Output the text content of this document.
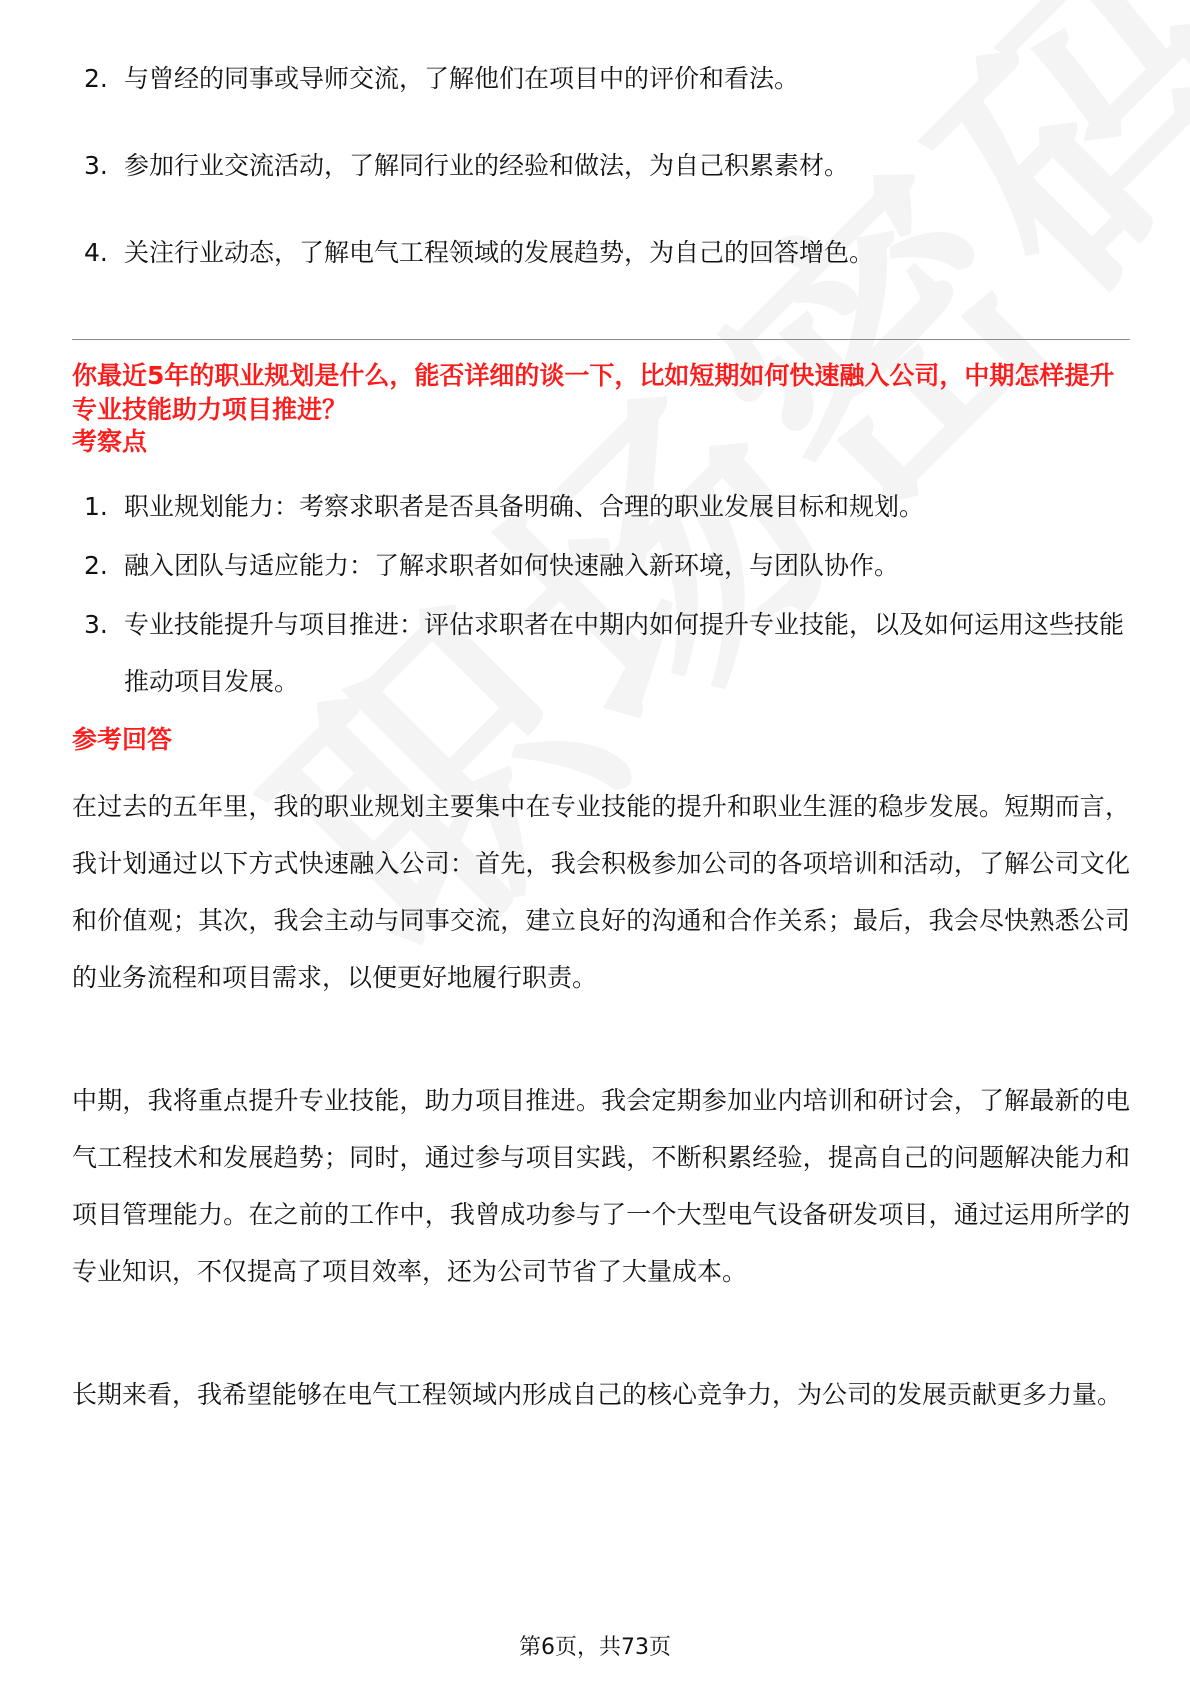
2. 与曾经的同事或导师交流，了解他们在项目中的评价和看法。
3. 参加行业交流活动，了解同行业的经验和做法，为自己积累素材。
4. 关注行业动态，了解电气工程领域的发展趋势，为自己的回答增色。

你最近5年的职业规划是什么，能否详细的谈一下，比如短期如何快速融入公司，中期怎样提升专业技能助力项目推进？

考察点

1. 职业规划能力：考察求职者是否具备明确、合理的职业发展目标和规划。
2. 融入团队与适应能力：了解求职者如何快速融入新环境，与团队协作。
3. 专业技能提升与项目推进：评估求职者在中期内如何提升专业技能，以及如何运用这些技能推动项目发展。

参考回答

在过去的五年里，我的职业规划主要集中在专业技能的提升和职业生涯的稳步发展。短期而言，我计划通过以下方式快速融入公司：首先，我会积极参加公司的各项培训和活动，了解公司文化和价值观；其次，我会主动与同事交流，建立良好的沟通和合作关系；最后，我会尽快熟悉公司的业务流程和项目需求，以便更好地履行职责。

中期，我将重点提升专业技能，助力项目推进。我会定期参加业内培训和研讨会，了解最新的电气工程技术和发展趋势；同时，通过参与项目实践，不断积累经验，提高自己的问题解决能力和项目管理能力。在之前的工作中，我曾成功参与了一个大型电气设备研发项目，通过运用所学的专业知识，不仅提高了项目效率，还为公司节省了大量成本。

长期来看，我希望能够在电气工程领域内形成自己的核心竞争力，为公司的发展贡献更多力量。

第6页，共73页
